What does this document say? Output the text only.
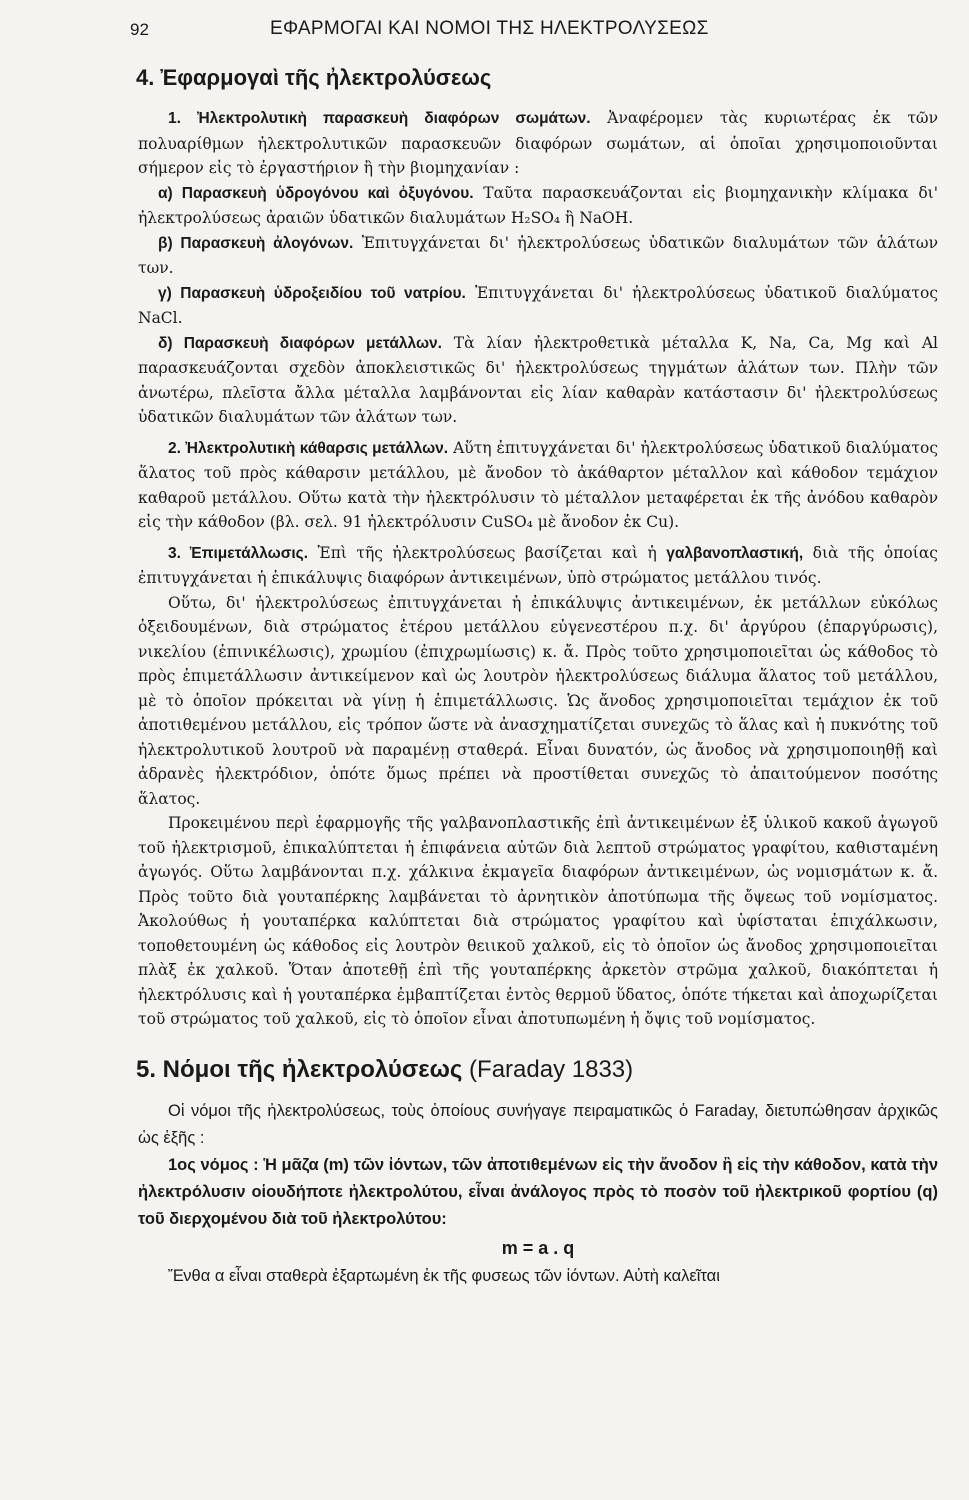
92	ΕΦΑΡΜΟΓΑΙ ΚΑΙ ΝΟΜΟΙ ΤΗΣ ΗΛΕΚΤΡΟΛΥΣΕΩΣ
4. Ἐφαρμογαὶ τῆς ἠλεκτρολύσεως

1. Ἠλεκτρολυτικὴ παρασκευὴ διαφόρων σωμάτων. Ἀναφέρομεν τὰς κυριωτέρας ἐκ τῶν πολυαρίθμων ἠλεκτρολυτικῶν παρασκευῶν διαφόρων σωμάτων, αἱ ὁποῖαι χρησιμοποιοῦνται σήμερον εἰς τὸ ἐργαστήριον ἢ τὴν βιομηχανίαν :

α) Παρασκευὴ ὑδρογόνου καὶ ὀξυγόνου. Ταῦτα παρασκευάζονται εἰς βιομηχανικὴν κλίμακα δι' ἠλεκτρολύσεως ἀραιῶν ὑδατικῶν διαλυμάτων H₂SO₄ ἢ NaOH.

β) Παρασκευὴ ἀλογόνων. Ἐπιτυγχάνεται δι' ἠλεκτρολύσεως ὑδατικῶν διαλυμάτων τῶν ἁλάτων των.

γ) Παρασκευὴ ὑδροξειδίου τοῦ νατρίου. Ἐπιτυγχάνεται δι' ἠλεκτρολύσεως ὑδατικοῦ διαλύματος NaCl.

δ) Παρασκευὴ διαφόρων μετάλλων. Τὰ λίαν ἠλεκτροθετικὰ μέταλλα K, Na, Ca, Mg καὶ Al παρασκευάζονται σχεδὸν ἀποκλειστικῶς δι' ἠλεκτρολύσεως τηγμάτων ἁλάτων των. Πλὴν τῶν ἀνωτέρω, πλεῖστα ἄλλα μέταλλα λαμβάνονται εἰς λίαν καθαρὰν κατάστασιν δι' ἠλεκτρολύσεως ὑδατικῶν διαλυμάτων τῶν ἁλάτων των.

2. Ἠλεκτρολυτικὴ κάθαρσις μετάλλων. Αὕτη ἐπιτυγχάνεται δι' ἠλεκτρολύσεως ὑδατικοῦ διαλύματος ἅλατος τοῦ πρὸς κάθαρσιν μετάλλου, μὲ ἄνοδον τὸ ἀκάθαρτον μέταλλον καὶ κάθοδον τεμάχιον καθαροῦ μετάλλου. Οὕτω κατὰ τὴν ἠλεκτρόλυσιν τὸ μέταλλον μεταφέρεται ἐκ τῆς ἀνόδου καθαρὸν εἰς τὴν κάθοδον (βλ. σελ. 91 ἠλεκτρόλυσιν CuSO₄ μὲ ἄνοδον ἐκ Cu).

3. Ἐπιμετάλλωσις. Ἐπὶ τῆς ἠλεκτρολύσεως βασίζεται καὶ ἡ γαλβανοπλαστική, διὰ τῆς ὁποίας ἐπιτυγχάνεται ἡ ἐπικάλυψις διαφόρων ἀντικειμένων, ὑπὸ στρώματος μετάλλου τινός.

Οὕτω, δι' ἠλεκτρολύσεως ἐπιτυγχάνεται ἡ ἐπικάλυψις ἀντικειμένων, ἐκ μετάλλων εὐκόλως ὀξειδουμένων, διὰ στρώματος ἑτέρου μετάλλου εὐγενεστέρου π.χ. δι' ἀργύρου (ἐπαργύρωσις), νικελίου (ἐπινικέλωσις), χρωμίου (ἐπιχρωμίωσις) κ. ἄ. Πρὸς τοῦτο χρησιμοποιεῖται ὡς κάθοδος τὸ πρὸς ἐπιμετάλλωσιν ἀντικείμενον καὶ ὡς λουτρὸν ἠλεκτρολύσεως διάλυμα ἅλατος τοῦ μετάλλου, μὲ τὸ ὁποῖον πρόκειται νὰ γίνῃ ἡ ἐπιμετάλλωσις. Ὡς ἄνοδος χρησιμοποιεῖται τεμάχιον ἐκ τοῦ ἀποτιθεμένου μετάλλου, εἰς τρόπον ὥστε νὰ ἀνασχηματίζεται συνεχῶς τὸ ἅλας καὶ ἡ πυκνότης τοῦ ἠλεκτρολυτικοῦ λουτροῦ νὰ παραμένῃ σταθερά. Εἶναι δυνατόν, ὡς ἄνοδος νὰ χρησιμοποιηθῇ καὶ ἀδρανὲς ἠλεκτρόδιον, ὁπότε ὅμως πρέπει νὰ προστίθεται συνεχῶς τὸ ἀπαιτούμενον ποσότης ἅλατος.

Προκειμένου περὶ ἐφαρμογῆς τῆς γαλβανοπλαστικῆς ἐπὶ ἀντικειμένων ἐξ ὑλικοῦ κακοῦ ἀγωγοῦ τοῦ ἠλεκτρισμοῦ, ἐπικαλύπτεται ἡ ἐπιφάνεια αὐτῶν διὰ λεπτοῦ στρώματος γραφίτου, καθισταμένη ἀγωγός. Οὕτω λαμβάνονται π.χ. χάλκινα ἐκμαγεῖα διαφόρων ἀντικειμένων, ὡς νομισμάτων κ. ἄ. Πρὸς τοῦτο διὰ γουταπέρκης λαμβάνεται τὸ ἀρνητικὸν ἀποτύπωμα τῆς ὄψεως τοῦ νομίσματος. Ἀκολούθως ἡ γουταπέρκα καλύπτεται διὰ στρώματος γραφίτου καὶ ὑφίσταται ἐπιχάλκωσιν, τοποθετουμένη ὡς κάθοδος εἰς λουτρὸν θειικοῦ χαλκοῦ, εἰς τὸ ὁποῖον ὡς ἄνοδος χρησιμοποιεῖται πλὰξ ἐκ χαλκοῦ. Ὅταν ἀποτεθῇ ἐπὶ τῆς γουταπέρκης ἀρκετὸν στρῶμα χαλκοῦ, διακόπτεται ἡ ἠλεκτρόλυσις καὶ ἡ γουταπέρκα ἐμβαπτίζεται ἐντὸς θερμοῦ ὕδατος, ὁπότε τήκεται καὶ ἀποχωρίζεται τοῦ στρώματος τοῦ χαλκοῦ, εἰς τὸ ὁποῖον εἶναι ἀποτυπωμένη ἡ ὄψις τοῦ νομίσματος.

5. Νόμοι τῆς ἠλεκτρολύσεως (Faraday 1833)

Οἱ νόμοι τῆς ἠλεκτρολύσεως, τοὺς ὁποίους συνήγαγε πειραματικῶς ὁ Faraday, διετυπώθησαν ἀρχικῶς ὡς ἑξῆς :

1ος νόμος : Ἡ μᾶζα (m) τῶν ἰόντων, τῶν ἀποτιθεμένων εἰς τὴν ἄνοδον ἢ εἰς τὴν κάθοδον, κατὰ τὴν ἠλεκτρόλυσιν οἱουδήποτε ἠλεκτρολύτου, εἶναι ἀνάλογος πρὸς τὸ ποσὸν τοῦ ἠλεκτρικοῦ φορτίου (q) τοῦ διερχομένου διὰ τοῦ ἠλεκτρολύτου:

m = a . q

Ἔνθα α εἶναι σταθερὰ ἐξαρτωμένη ἐκ τῆς φυσεως τῶν ἰόντων. Αὐτὴ καλεῖται
